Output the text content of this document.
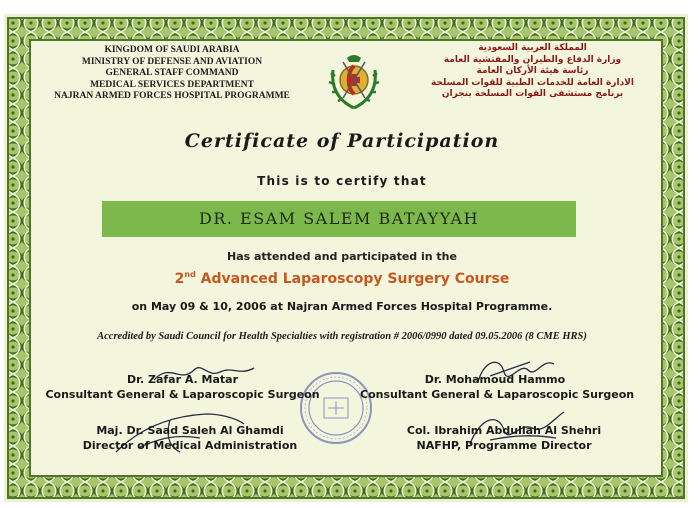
KINGDOM OF SAUDI ARABIA
MINISTRY OF DEFENSE AND AVIATION
GENERAL STAFF COMMAND
MEDICAL SERVICES DEPARTMENT
NAJRAN ARMED FORCES HOSPITAL PROGRAMME
المملكة العربية السعودية
وزارة الدفاع والطيران والمفتشية العامة
رئاسة هيئة الأركان العامة
الادارة العامة للخدمات الطبية للقوات المسلحة
برنامج مستشفى القوات المسلحة بنجران
Certificate of Participation
This is to certify that
DR. ESAM SALEM BATAYYAH
Has attended and participated in the
2nd Advanced Laparoscopy Surgery Course
on May 09 & 10, 2006 at Najran Armed Forces Hospital Programme.
Accredited by Saudi Council for Health Specialties with registration # 2006/0990 dated 09.05.2006 (8 CME HRS)
Dr. Zafar A. Matar
Consultant General & Laparoscopic Surgeon
Dr. Mohamoud Hammo
Consultant General & Laparoscopic Surgeon
Maj. Dr. Saad Saleh Al Ghamdi
Director of Medical Administration
Col. Ibrahim Abdullah Al Shehri
NAFHP, Programme Director
